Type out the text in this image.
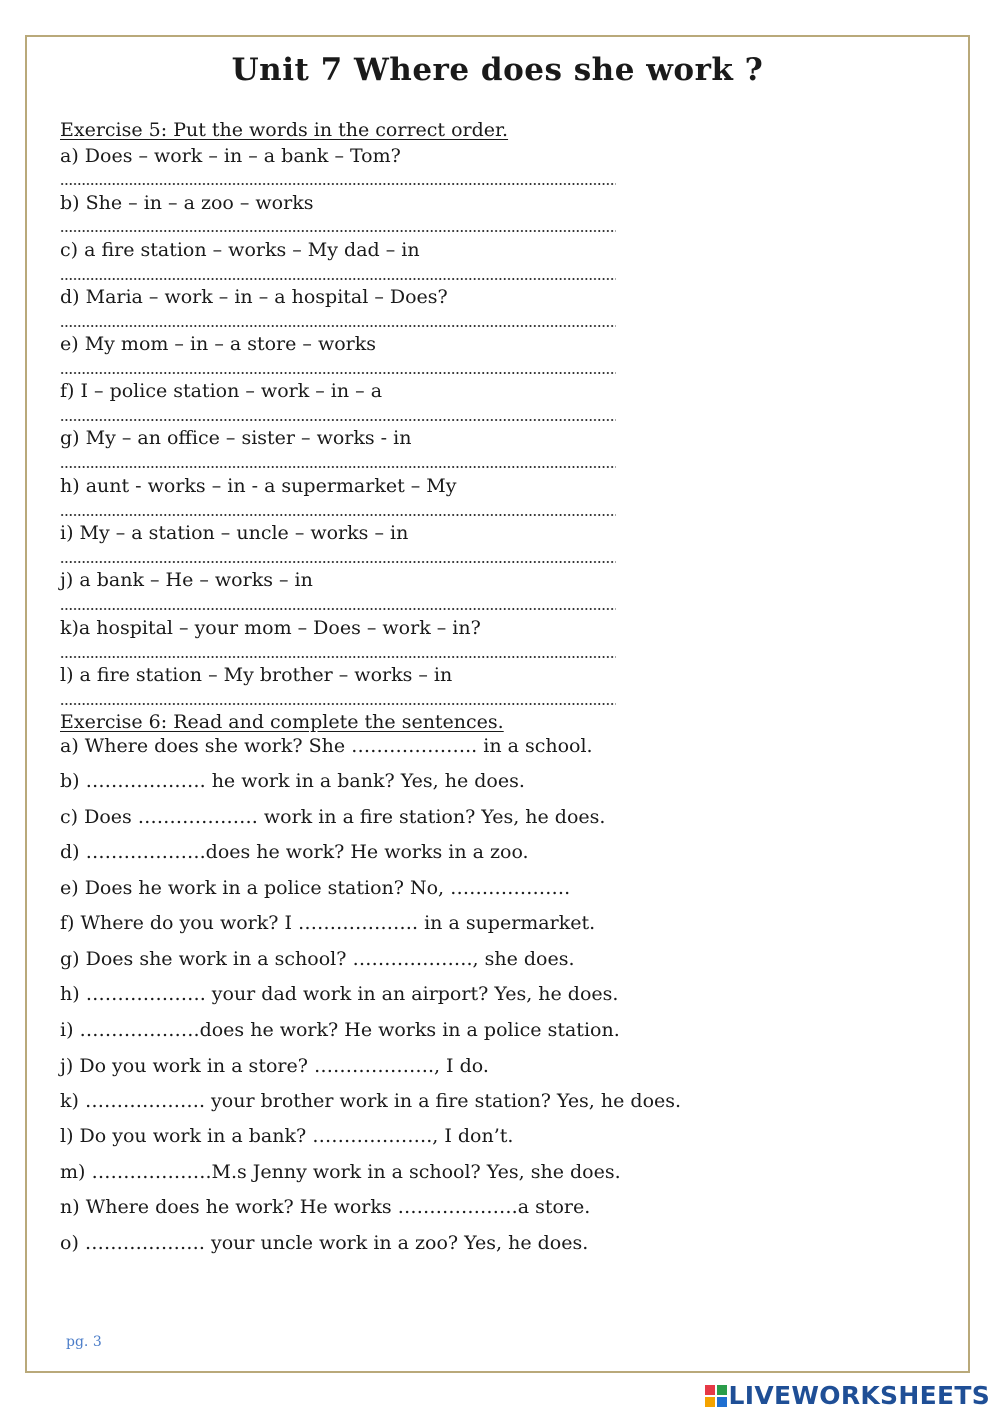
Unit 7 Where does she work ?

Exercise 5: Put the words in the correct order.

a) Does – work – in – a bank – Tom?

b) She – in – a zoo – works

c) a fire station – works – My dad – in

d) Maria – work – in – a hospital – Does?

e) My mom – in – a store – works

f) I – police station – work – in – a

g) My – an office – sister – works - in

h) aunt - works – in - a supermarket – My

i) My – a station – uncle – works – in

j) a bank – He – works – in

k)a hospital – your mom – Does – work – in?

l) a fire station – My brother – works – in

Exercise 6: Read and complete the sentences.

a) Where does she work? She ……………….. in a school.

b) ………………. he work in a bank? Yes, he does.

c) Does ………………. work in a fire station? Yes, he does.

d) ……………….does he work? He works in a zoo.

e) Does he work in a police station? No, ……………….

f) Where do you work? I ………………. in a supermarket.

g) Does she work in a school? ………………., she does.

h) ………………. your dad work in an airport? Yes, he does.

i) ……………….does he work? He works in a police station.

j) Do you work in a store? ………………., I do.

k) ………………. your brother work in a fire station? Yes, he does.

l) Do you work in a bank? ………………., I don’t.

m) ……………….M.s Jenny work in a school? Yes, she does.

n) Where does he work? He works ……………….a store.

o) ………………. your uncle work in a zoo? Yes, he does.

pg. 3

LIVEWORKSHEETS
